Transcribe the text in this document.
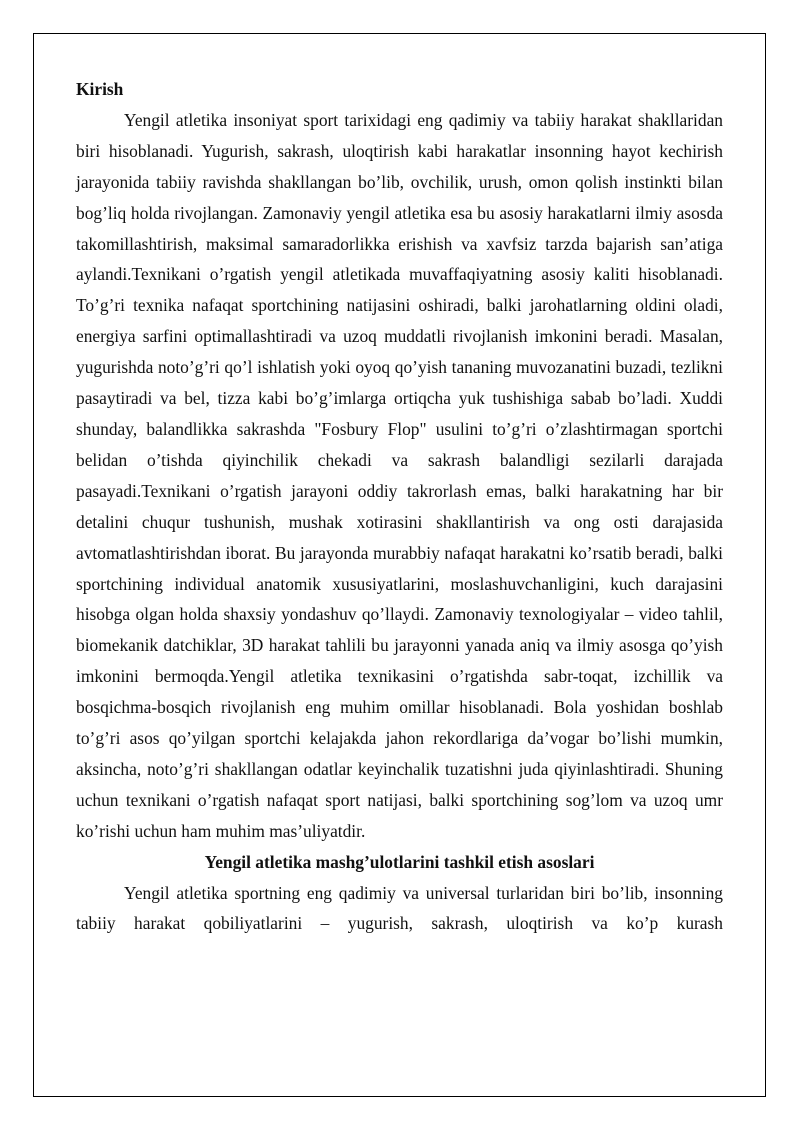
Kirish

Yengil atletika insoniyat sport tarixidagi eng qadimiy va tabiiy harakat shakllaridan biri hisoblanadi. Yugurish, sakrash, uloqtirish kabi harakatlar insonning hayot kechirish jarayonida tabiiy ravishda shakllangan bo’lib, ovchilik, urush, omon qolish instinkti bilan bog’liq holda rivojlangan. Zamonaviy yengil atletika esa bu asosiy harakatlarni ilmiy asosda takomillashtirish, maksimal samaradorlikka erishish va xavfsiz tarzda bajarish san’atiga aylandi.Texnikani o’rgatish yengil atletikada muvaffaqiyatning asosiy kaliti hisoblanadi. To’g’ri texnika nafaqat sportchining natijasini oshiradi, balki jarohatlarning oldini oladi, energiya sarfini optimallashtiradi va uzoq muddatli rivojlanish imkonini beradi. Masalan, yugurishda noto’g’ri qo’l ishlatish yoki oyoq qo’yish tananing muvozanatini buzadi, tezlikni pasaytiradi va bel, tizza kabi bo’g’imlarga ortiqcha yuk tushishiga sabab bo’ladi. Xuddi shunday, balandlikka sakrashda "Fosbury Flop" usulini to’g’ri o’zlashtirmagan sportchi belidan o’tishda qiyinchilik chekadi va sakrash balandligi sezilarli darajada pasayadi.Texnikani o’rgatish jarayoni oddiy takrorlash emas, balki harakatning har bir detalini chuqur tushunish, mushak xotirasini shakllantirish va ong osti darajasida avtomatlashtirishdan iborat. Bu jarayonda murabbiy nafaqat harakatni ko’rsatib beradi, balki sportchining individual anatomik xususiyatlarini, moslashuvchanligini, kuch darajasini hisobga olgan holda shaxsiy yondashuv qo’llaydi. Zamonaviy texnologiyalar – video tahlil, biomekanik datchiklar, 3D harakat tahlili bu jarayonni yanada aniq va ilmiy asosga qo’yish imkonini bermoqda.Yengil atletika texnikasini o’rgatishda sabr-toqat, izchillik va bosqichma-bosqich rivojlanish eng muhim omillar hisoblanadi. Bola yoshidan boshlab to’g’ri asos qo’yilgan sportchi kelajakda jahon rekordlariga da’vogar bo’lishi mumkin, aksincha, noto’g’ri shakllangan odatlar keyinchalik tuzatishni juda qiyinlashtiradi. Shuning uchun texnikani o’rgatish nafaqat sport natijasi, balki sportchining sog’lom va uzoq umr ko’rishi uchun ham muhim mas’uliyatdir.

Yengil atletika mashg’ulotlarini tashkil etish asoslari

Yengil atletika sportning eng qadimiy va universal turlaridan biri bo’lib, insonning tabiiy harakat qobiliyatlarini – yugurish, sakrash, uloqtirish va ko’p kurash
